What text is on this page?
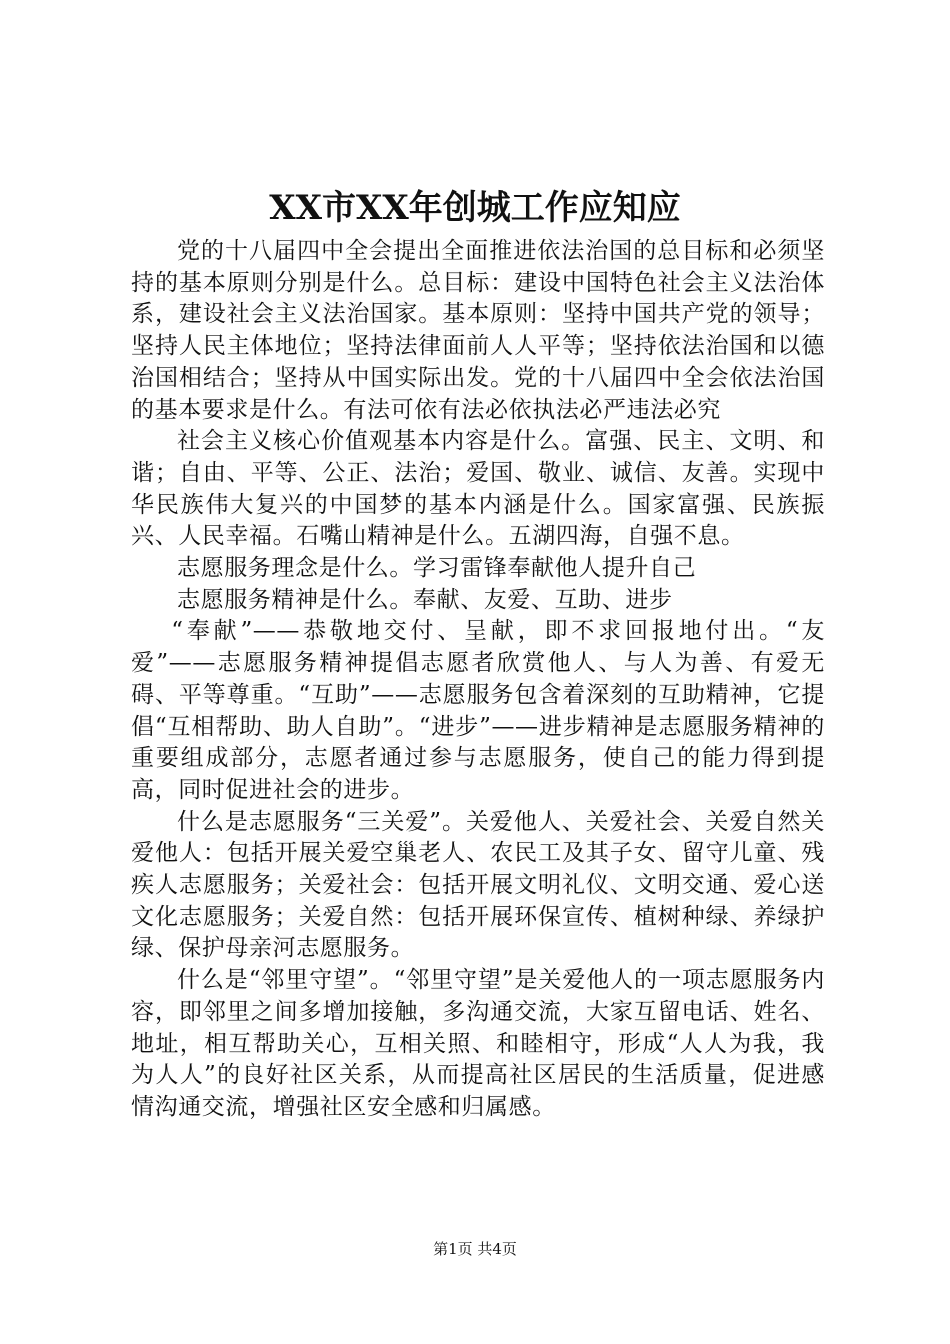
XX市XX年创城工作应知应

党的十八届四中全会提出全面推进依法治国的总目标和必须坚持的基本原则分别是什么。总目标：建设中国特色社会主义法治体系，建设社会主义法治国家。基本原则：坚持中国共产党的领导；坚持人民主体地位；坚持法律面前人人平等；坚持依法治国和以德治国相结合；坚持从中国实际出发。党的十八届四中全会依法治国的基本要求是什么。有法可依有法必依执法必严违法必究

社会主义核心价值观基本内容是什么。富强、民主、文明、和谐；自由、平等、公正、法治；爱国、敬业、诚信、友善。实现中华民族伟大复兴的中国梦的基本内涵是什么。国家富强、民族振兴、人民幸福。石嘴山精神是什么。五湖四海，自强不息。

志愿服务理念是什么。学习雷锋奉献他人提升自己

志愿服务精神是什么。奉献、友爱、互助、进步

“奉献”——恭敬地交付、呈献，即不求回报地付出。“友爱”——志愿服务精神提倡志愿者欣赏他人、与人为善、有爱无碍、平等尊重。“互助”——志愿服务包含着深刻的互助精神，它提倡“互相帮助、助人自助”。“进步”——进步精神是志愿服务精神的重要组成部分，志愿者通过参与志愿服务，使自己的能力得到提高，同时促进社会的进步。

什么是志愿服务“三关爱”。关爱他人、关爱社会、关爱自然关爱他人：包括开展关爱空巢老人、农民工及其子女、留守儿童、残疾人志愿服务；关爱社会：包括开展文明礼仪、文明交通、爱心送文化志愿服务；关爱自然：包括开展环保宣传、植树种绿、养绿护绿、保护母亲河志愿服务。

什么是“邻里守望”。“邻里守望”是关爱他人的一项志愿服务内容，即邻里之间多增加接触，多沟通交流，大家互留电话、姓名、地址，相互帮助关心，互相关照、和睦相守，形成“人人为我，我为人人”的良好社区关系，从而提高社区居民的生活质量，促进感情沟通交流，增强社区安全感和归属感。

第1页 共4页
